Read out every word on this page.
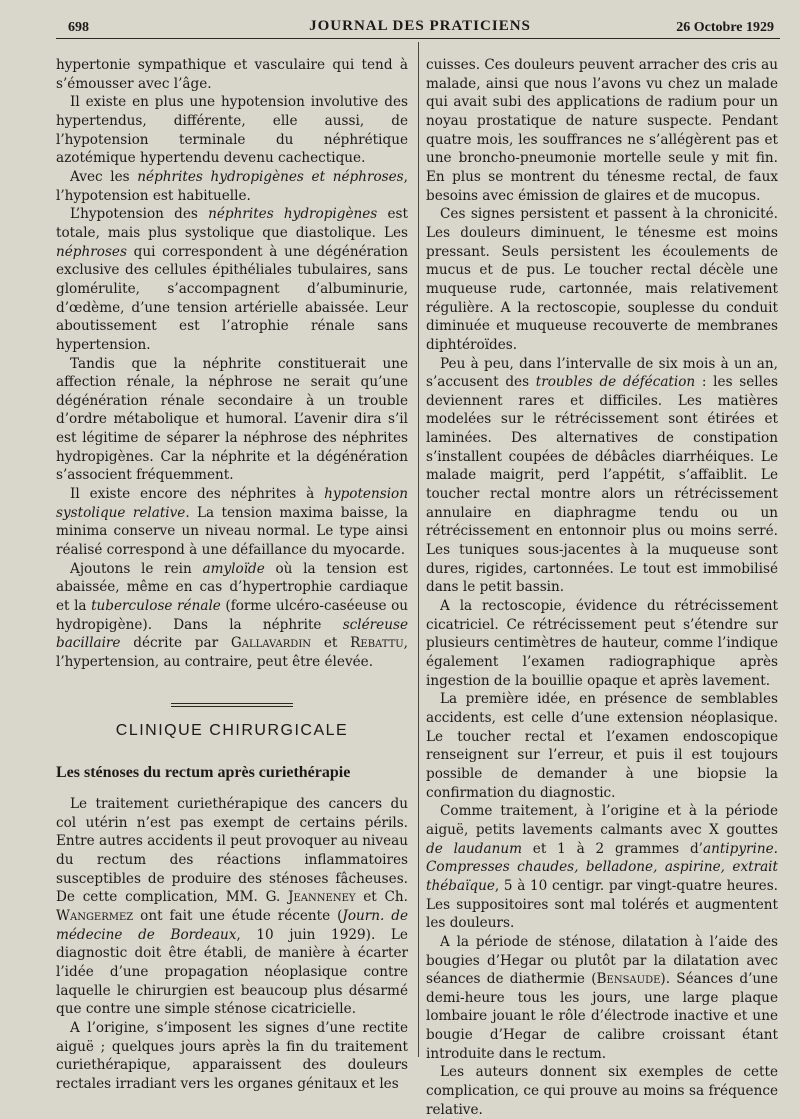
698	JOURNAL DES PRATICIENS	26 Octobre 1929

hypertonie sympathique et vasculaire qui tend à s’émousser avec l’âge.

Il existe en plus une hypotension involutive des hypertendus, différente, elle aussi, de l’hypotension terminale du néphrétique azotémique hypertendu devenu cachectique.

Avec les néphrites hydropigènes et néphroses, l’hypotension est habituelle.

L’hypotension des néphrites hydropigènes est totale, mais plus systolique que diastolique. Les néphroses qui correspondent à une dégénération exclusive des cellules épithéliales tubulaires, sans glomérulite, s’accompagnent d’albuminurie, d’œdème, d’une tension artérielle abaissée. Leur aboutissement est l’atrophie rénale sans hypertension.

Tandis que la néphrite constituerait une affection rénale, la néphrose ne serait qu’une dégénération rénale secondaire à un trouble d’ordre métabolique et humoral. L’avenir dira s’il est légitime de séparer la néphrose des néphrites hydropigènes. Car la néphrite et la dégénération s’associent fréquemment.

Il existe encore des néphrites à hypotension systolique relative. La tension maxima baisse, la minima conserve un niveau normal. Le type ainsi réalisé correspond à une défaillance du myocarde.

Ajoutons le rein amyloïde où la tension est abaissée, même en cas d’hypertrophie cardiaque et la tuberculose rénale (forme ulcéro-caséeuse ou hydropigène). Dans la néphrite scléreuse bacillaire décrite par Gallavardin et Rebattu, l’hypertension, au contraire, peut être élevée.

CLINIQUE CHIRURGICALE
Les sténoses du rectum après curiethérapie

Le traitement curiethérapique des cancers du col utérin n’est pas exempt de certains périls. Entre autres accidents il peut provoquer au niveau du rectum des réactions inflammatoires susceptibles de produire des sténoses fâcheuses. De cette complication, MM. G. Jeanneney et Ch. Wangermez ont fait une étude récente (Journ. de médecine de Bordeaux, 10 juin 1929). Le diagnostic doit être établi, de manière à écarter l’idée d’une propagation néoplasique contre laquelle le chirurgien est beaucoup plus désarmé que contre une simple sténose cicatricielle.

A l’origine, s’imposent les signes d’une rectite aiguë ; quelques jours après la fin du traitement curiethérapique, apparaissent des douleurs rectales irradiant vers les organes génitaux et les

cuisses. Ces douleurs peuvent arracher des cris au malade, ainsi que nous l’avons vu chez un malade qui avait subi des applications de radium pour un noyau prostatique de nature suspecte. Pendant quatre mois, les souffrances ne s’allégèrent pas et une broncho-pneumonie mortelle seule y mit fin. En plus se montrent du ténesme rectal, de faux besoins avec émission de glaires et de mucopus.

Ces signes persistent et passent à la chronicité. Les douleurs diminuent, le ténesme est moins pressant. Seuls persistent les écoulements de mucus et de pus. Le toucher rectal décèle une muqueuse rude, cartonnée, mais relativement régulière. A la rectoscopie, souplesse du conduit diminuée et muqueuse recouverte de membranes diphtéroïdes.

Peu à peu, dans l’intervalle de six mois à un an, s’accusent des troubles de défécation : les selles deviennent rares et difficiles. Les matières modelées sur le rétrécissement sont étirées et laminées. Des alternatives de constipation s’installent coupées de débâcles diarrhéiques. Le malade maigrit, perd l’appétit, s’affaiblit. Le toucher rectal montre alors un rétrécissement annulaire en diaphragme tendu ou un rétrécissement en entonnoir plus ou moins serré. Les tuniques sous-jacentes à la muqueuse sont dures, rigides, cartonnées. Le tout est immobilisé dans le petit bassin.

A la rectoscopie, évidence du rétrécissement cicatriciel. Ce rétrécissement peut s’étendre sur plusieurs centimètres de hauteur, comme l’indique également l’examen radiographique après ingestion de la bouillie opaque et après lavement.

La première idée, en présence de semblables accidents, est celle d’une extension néoplasique. Le toucher rectal et l’examen endoscopique renseignent sur l’erreur, et puis il est toujours possible de demander à une biopsie la confirmation du diagnostic.

Comme traitement, à l’origine et à la période aiguë, petits lavements calmants avec X gouttes de laudanum et 1 à 2 grammes d’antipyrine. Compresses chaudes, belladone, aspirine, extrait thébaïque, 5 à 10 centigr. par vingt-quatre heures. Les suppositoires sont mal tolérés et augmentent les douleurs.

A la période de sténose, dilatation à l’aide des bougies d’Hegar ou plutôt par la dilatation avec séances de diathermie (Bensaude). Séances d’une demi-heure tous les jours, une large plaque lombaire jouant le rôle d’électrode inactive et une bougie d’Hegar de calibre croissant étant introduite dans le rectum.

Les auteurs donnent six exemples de cette complication, ce qui prouve au moins sa fréquence relative.
